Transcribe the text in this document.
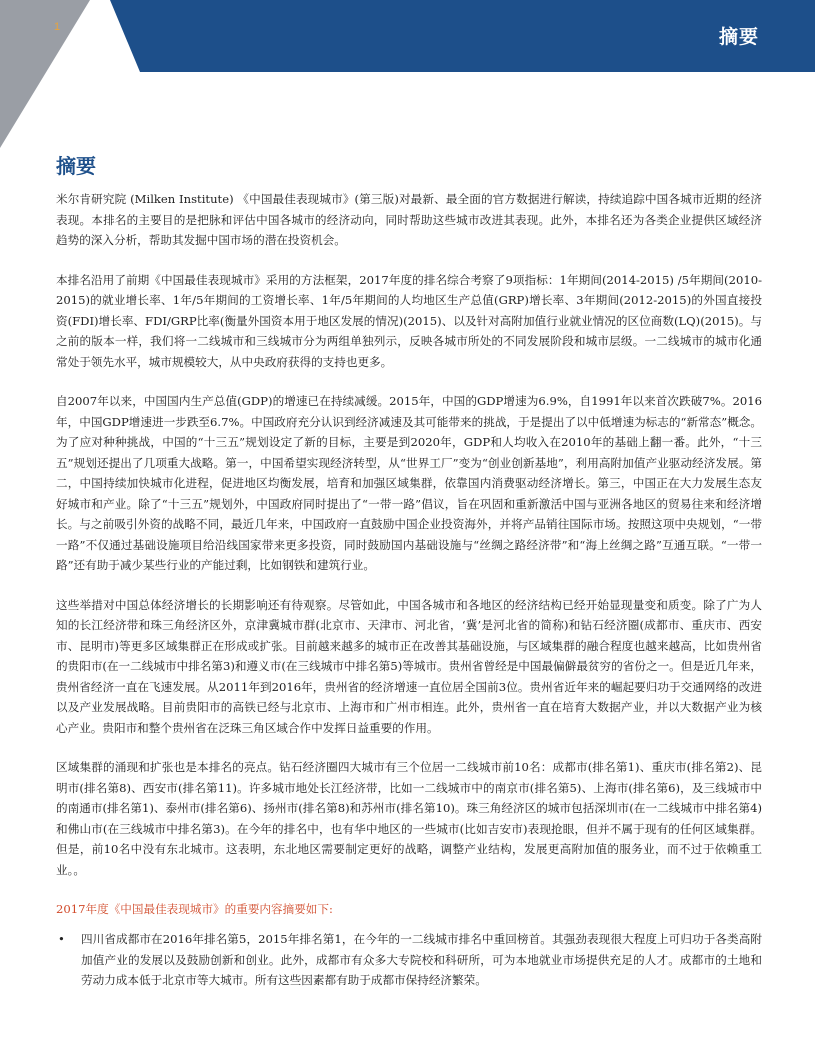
1	摘要
摘要

米尔肯研究院 (Milken Institute) 《中国最佳表现城市》(第三版)对最新、最全面的官方数据进行解读，持续追踪中国各城市近期的经济表现。本排名的主要目的是把脉和评估中国各城市的经济动向，同时帮助这些城市改进其表现。此外，本排名还为各类企业提供区域经济趋势的深入分析，帮助其发掘中国市场的潜在投资机会。

本排名沿用了前期《中国最佳表现城市》采用的方法框架，2017年度的排名综合考察了9项指标：1年期间(2014-2015) /5年期间(2010-2015)的就业增长率、1年/5年期间的工资增长率、1年/5年期间的人均地区生产总值(GRP)增长率、3年期间(2012-2015)的外国直接投资(FDI)增长率、FDI/GRP比率(衡量外国资本用于地区发展的情况)(2015)、以及针对高附加值行业就业情况的区位商数(LQ)(2015)。与之前的版本一样，我们将一二线城市和三线城市分为两组单独列示，反映各城市所处的不同发展阶段和城市层级。一二线城市的城市化通常处于领先水平，城市规模较大，从中央政府获得的支持也更多。

自2007年以来，中国国内生产总值(GDP)的增速已在持续减缓。2015年，中国的GDP增速为6.9%，自1991年以来首次跌破7%。2016年，中国GDP增速进一步跌至6.7%。中国政府充分认识到经济减速及其可能带来的挑战，于是提出了以中低增速为标志的“新常态”概念。为了应对种种挑战，中国的“十三五”规划设定了新的目标，主要是到2020年，GDP和人均收入在2010年的基础上翻一番。此外，“十三五”规划还提出了几项重大战略。第一，中国希望实现经济转型，从“世界工厂”变为“创业创新基地”，利用高附加值产业驱动经济发展。第二，中国持续加快城市化进程，促进地区均衡发展，培育和加强区域集群，依靠国内消费驱动经济增长。第三，中国正在大力发展生态友好城市和产业。除了“十三五”规划外，中国政府同时提出了“一带一路”倡议，旨在巩固和重新激活中国与亚洲各地区的贸易往来和经济增长。与之前吸引外资的战略不同，最近几年来，中国政府一直鼓励中国企业投资海外，并将产品销往国际市场。按照这项中央规划，“一带一路”不仅通过基础设施项目给沿线国家带来更多投资，同时鼓励国内基础设施与“丝绸之路经济带”和“海上丝绸之路”互通互联。“一带一路”还有助于减少某些行业的产能过剩，比如钢铁和建筑行业。

这些举措对中国总体经济增长的长期影响还有待观察。尽管如此，中国各城市和各地区的经济结构已经开始显现量变和质变。除了广为人知的长江经济带和珠三角经济区外，京津冀城市群(北京市、天津市、河北省，‘冀’是河北省的简称)和钻石经济圈(成都市、重庆市、西安市、昆明市)等更多区域集群正在形成或扩张。目前越来越多的城市正在改善其基础设施，与区域集群的融合程度也越来越高，比如贵州省的贵阳市(在一二线城市中排名第3)和遵义市(在三线城市中排名第5)等城市。贵州省曾经是中国最偏僻最贫穷的省份之一。但是近几年来，贵州省经济一直在飞速发展。从2011年到2016年，贵州省的经济增速一直位居全国前3位。贵州省近年来的崛起要归功于交通网络的改进以及产业发展战略。目前贵阳市的高铁已经与北京市、上海市和广州市相连。此外，贵州省一直在培育大数据产业，并以大数据产业为核心产业。贵阳市和整个贵州省在泛珠三角区域合作中发挥日益重要的作用。

区域集群的涌现和扩张也是本排名的亮点。钻石经济圈四大城市有三个位居一二线城市前10名：成都市(排名第1)、重庆市(排名第2)、昆明市(排名第8)、西安市(排名第11)。许多城市地处长江经济带，比如一二线城市中的南京市(排名第5)、上海市(排名第6)，及三线城市中的南通市(排名第1)、泰州市(排名第6)、扬州市(排名第8)和苏州市(排名第10)。珠三角经济区的城市包括深圳市(在一二线城市中排名第4)和佛山市(在三线城市中排名第3)。在今年的排名中，也有华中地区的一些城市(比如吉安市)表现抢眼，但并不属于现有的任何区域集群。但是，前10名中没有东北城市。这表明，东北地区需要制定更好的战略，调整产业结构，发展更高附加值的服务业，而不过于依赖重工业。。

2017年度《中国最佳表现城市》的重要内容摘要如下:
• 四川省成都市在2016年排名第5，2015年排名第1，在今年的一二线城市排名中重回榜首。其强劲表现很大程度上可归功于各类高附加值产业的发展以及鼓励创新和创业。此外，成都市有众多大专院校和科研所，可为本地就业市场提供充足的人才。成都市的土地和劳动力成本低于北京市等大城市。所有这些因素都有助于成都市保持经济繁荣。
